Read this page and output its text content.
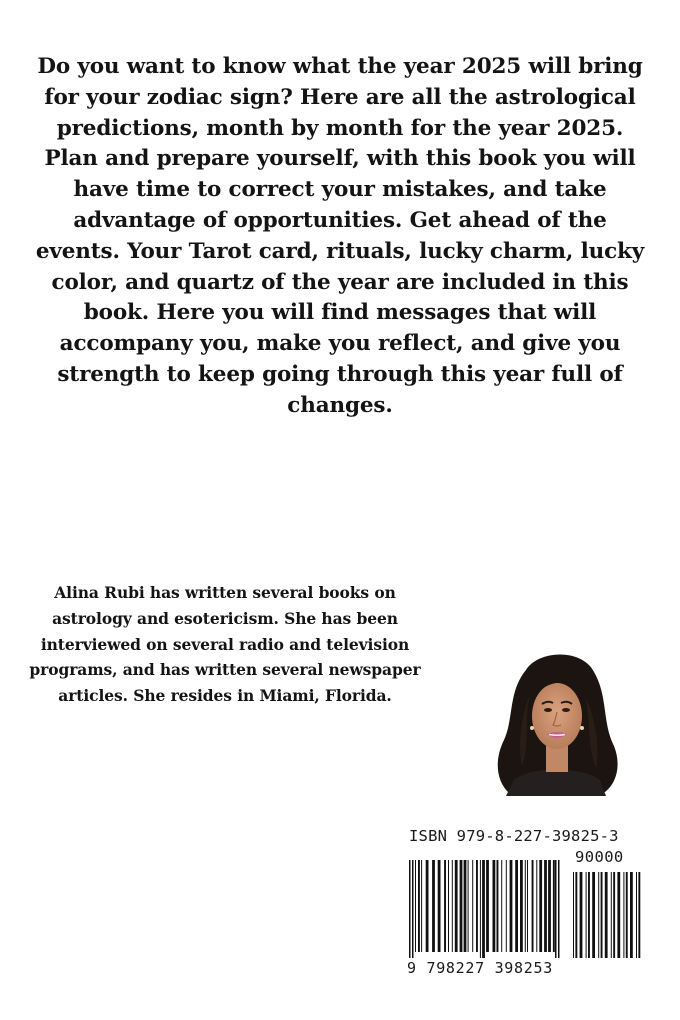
Do you want to know what the year 2025 will bring for your zodiac sign? Here are all the astrological predictions, month by month for the year 2025. Plan and prepare yourself, with this book you will have time to correct your mistakes, and take advantage of opportunities. Get ahead of the events. Your Tarot card, rituals, lucky charm, lucky color, and quartz of the year are included in this book. Here you will find messages that will accompany you, make you reflect, and give you strength to keep going through this year full of changes.

Alina Rubi has written several books on astrology and esotericism. She has been interviewed on several radio and television programs, and has written several newspaper articles. She resides in Miami, Florida.

ISBN 979-8-227-39825-3

90000

9 798227 398253
